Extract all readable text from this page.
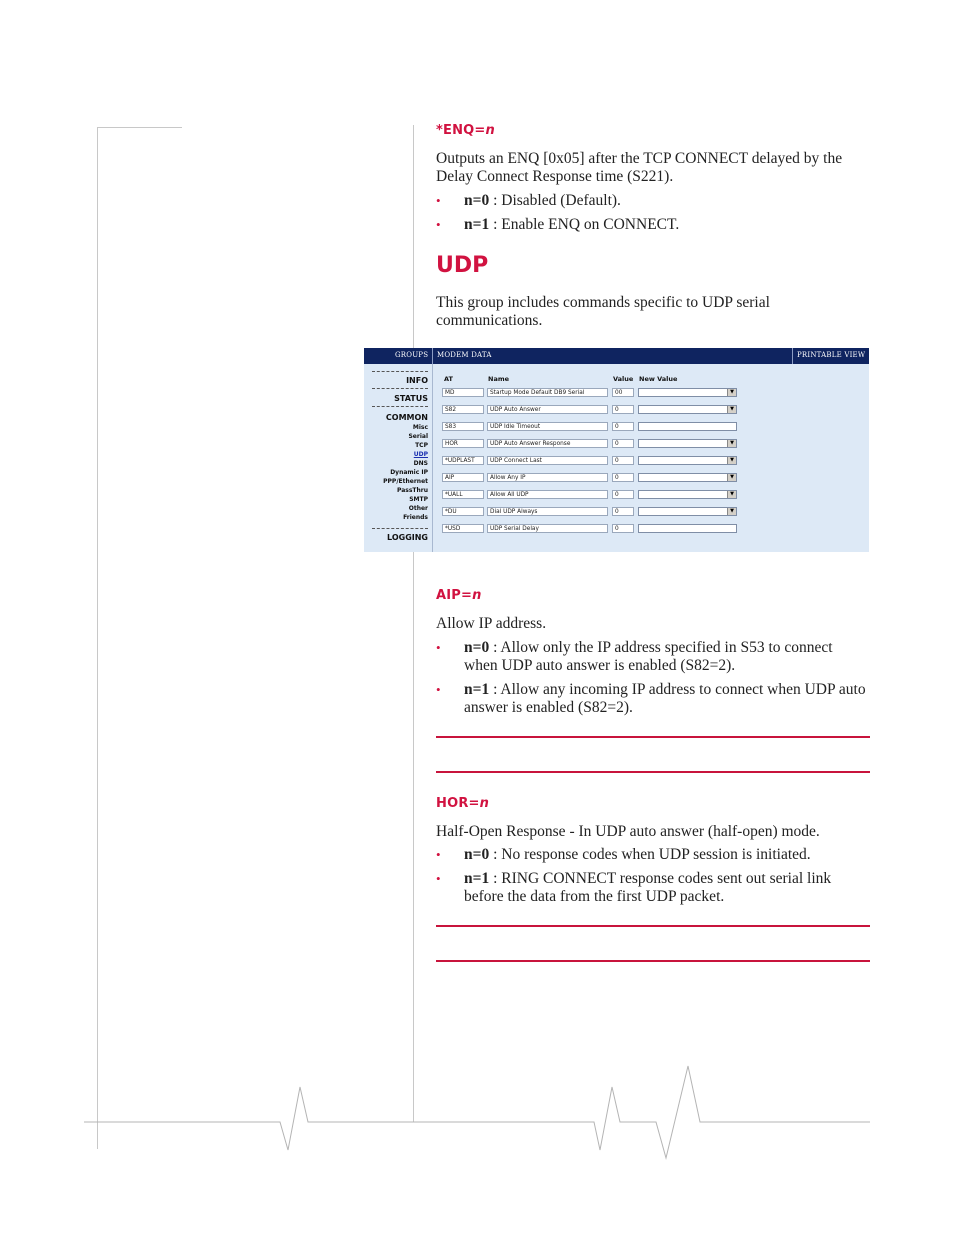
*ENQ=n
Outputs an ENQ [0x05] after the TCP CONNECT delayed by the Delay Connect Response time (S221).
• n=0 : Disabled (Default).
• n=1 : Enable ENQ on CONNECT.
UDP
This group includes commands specific to UDP serial communications.
GROUPS MODEM DATA	PRINTABLE VIEW
INFO
STATUS
COMMON
Misc
Serial
TCP
UDP
DNS
Dynamic IP
PPP/Ethernet
PassThru
SMTP
Other
Friends
LOGGING
AT	Name	Value New Value
MD	Startup Mode Default DB9 Serial	00	▼
S82	UDP Auto Answer	0	▼
S83	UDP Idle Timeout	0
HOR	UDP Auto Answer Response	0	▼
*UDPLAST	UDP Connect Last	0	▼
AIP	Allow Any IP	0	▼
*UALL	Allow All UDP	0	▼
*DU	Dial UDP Always	0	▼
*USD	UDP Serial Delay	0
AIP=n
Allow IP address.
• n=0 : Allow only the IP address specified in S53 to connect when UDP auto answer is enabled (S82=2).
• n=1 : Allow any incoming IP address to connect when UDP auto answer is enabled (S82=2).
HOR=n
Half-Open Response - In UDP auto answer (half-open) mode.
• n=0 : No response codes when UDP session is initiated.
• n=1 : RING CONNECT response codes sent out serial link before the data from the first UDP packet.
